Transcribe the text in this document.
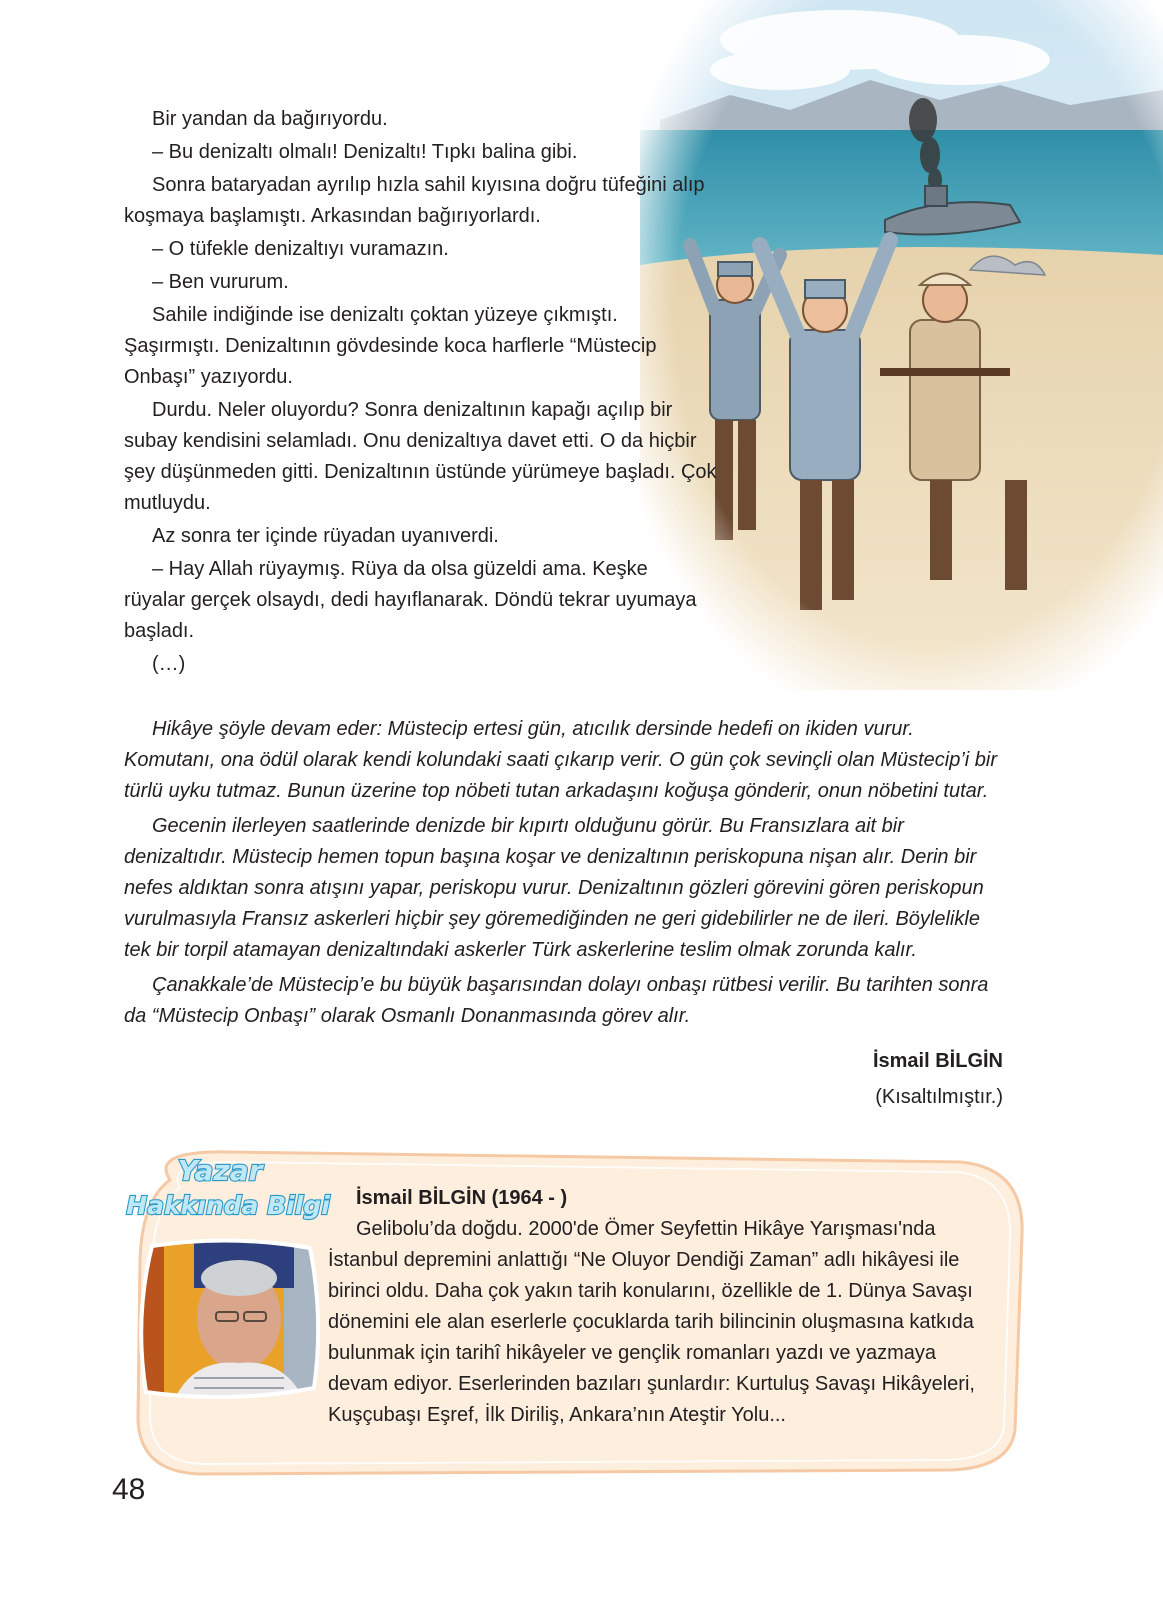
Bir yandan da bağırıyordu.

– Bu denizaltı olmalı! Denizaltı! Tıpkı balina gibi.

Sonra bataryadan ayrılıp hızla sahil kıyısına doğru tüfeğini alıp koşmaya başlamıştı. Arkasından bağırıyorlardı.

– O tüfekle denizaltıyı vuramazın.

– Ben vururum.

Sahile indiğinde ise denizaltı çoktan yüzeye çıkmıştı. Şaşırmıştı. Denizaltının gövdesinde koca harflerle “Müstecip Onbaşı” yazıyordu.

Durdu. Neler oluyordu? Sonra denizaltının kapağı açılıp bir subay kendisini selamladı. Onu denizaltıya davet etti. O da hiçbir şey düşünmeden gitti. Denizaltının üstünde yürümeye başladı. Çok mutluydu.

Az sonra ter içinde rüyadan uyanıverdi.

– Hay Allah rüyaymış. Rüya da olsa güzeldi ama. Keşke rüyalar gerçek olsaydı, dedi hayıflanarak. Döndü tekrar uyumaya başladı.

(…)

Hikâye şöyle devam eder: Müstecip ertesi gün, atıcılık dersinde hedefi on ikiden vurur. Komutanı, ona ödül olarak kendi kolundaki saati çıkarıp verir. O gün çok sevinçli olan Müstecip’i bir türlü uyku tutmaz. Bunun üzerine top nöbeti tutan arkadaşını koğuşa gönderir, onun nöbetini tutar.

Gecenin ilerleyen saatlerinde denizde bir kıpırtı olduğunu görür. Bu Fransızlara ait bir denizaltıdır. Müstecip hemen topun başına koşar ve denizaltının periskopuna nişan alır. Derin bir nefes aldıktan sonra atışını yapar, periskopu vurur. Denizaltının gözleri görevini gören periskopun vurulmasıyla Fransız askerleri hiçbir şey göremediğinden ne geri gidebilirler ne de ileri. Böylelikle tek bir torpil atamayan denizaltındaki askerler Türk askerlerine teslim olmak zorunda kalır.

Çanakkale’de Müstecip’e bu büyük başarısından dolayı onbaşı rütbesi verilir. Bu tarihten sonra da “Müstecip Onbaşı” olarak Osmanlı Donanmasında görev alır.

İsmail BİLGİN
(Kısaltılmıştır.)
Yazar
Hakkında Bilgi	İsmail BİLGİN (1964 - )

Gelibolu’da doğdu. 2000'de Ömer Seyfettin Hikâye Yarışması'nda İstanbul depremini anlattığı “Ne Oluyor Dendiği Zaman” adlı hikâyesi ile birinci oldu. Daha çok yakın tarih konularını, özellikle de 1. Dünya Savaşı dönemini ele alan eserlerle çocuklarda tarih bilincinin oluşmasına katkıda bulunmak için tarihî hikâyeler ve gençlik romanları yazdı ve yazmaya devam ediyor. Eserlerinden bazıları şunlardır: Kurtuluş Savaşı Hikâyeleri, Kuşçubaşı Eşref, İlk Diriliş, Ankara’nın Ateştir Yolu...

48
